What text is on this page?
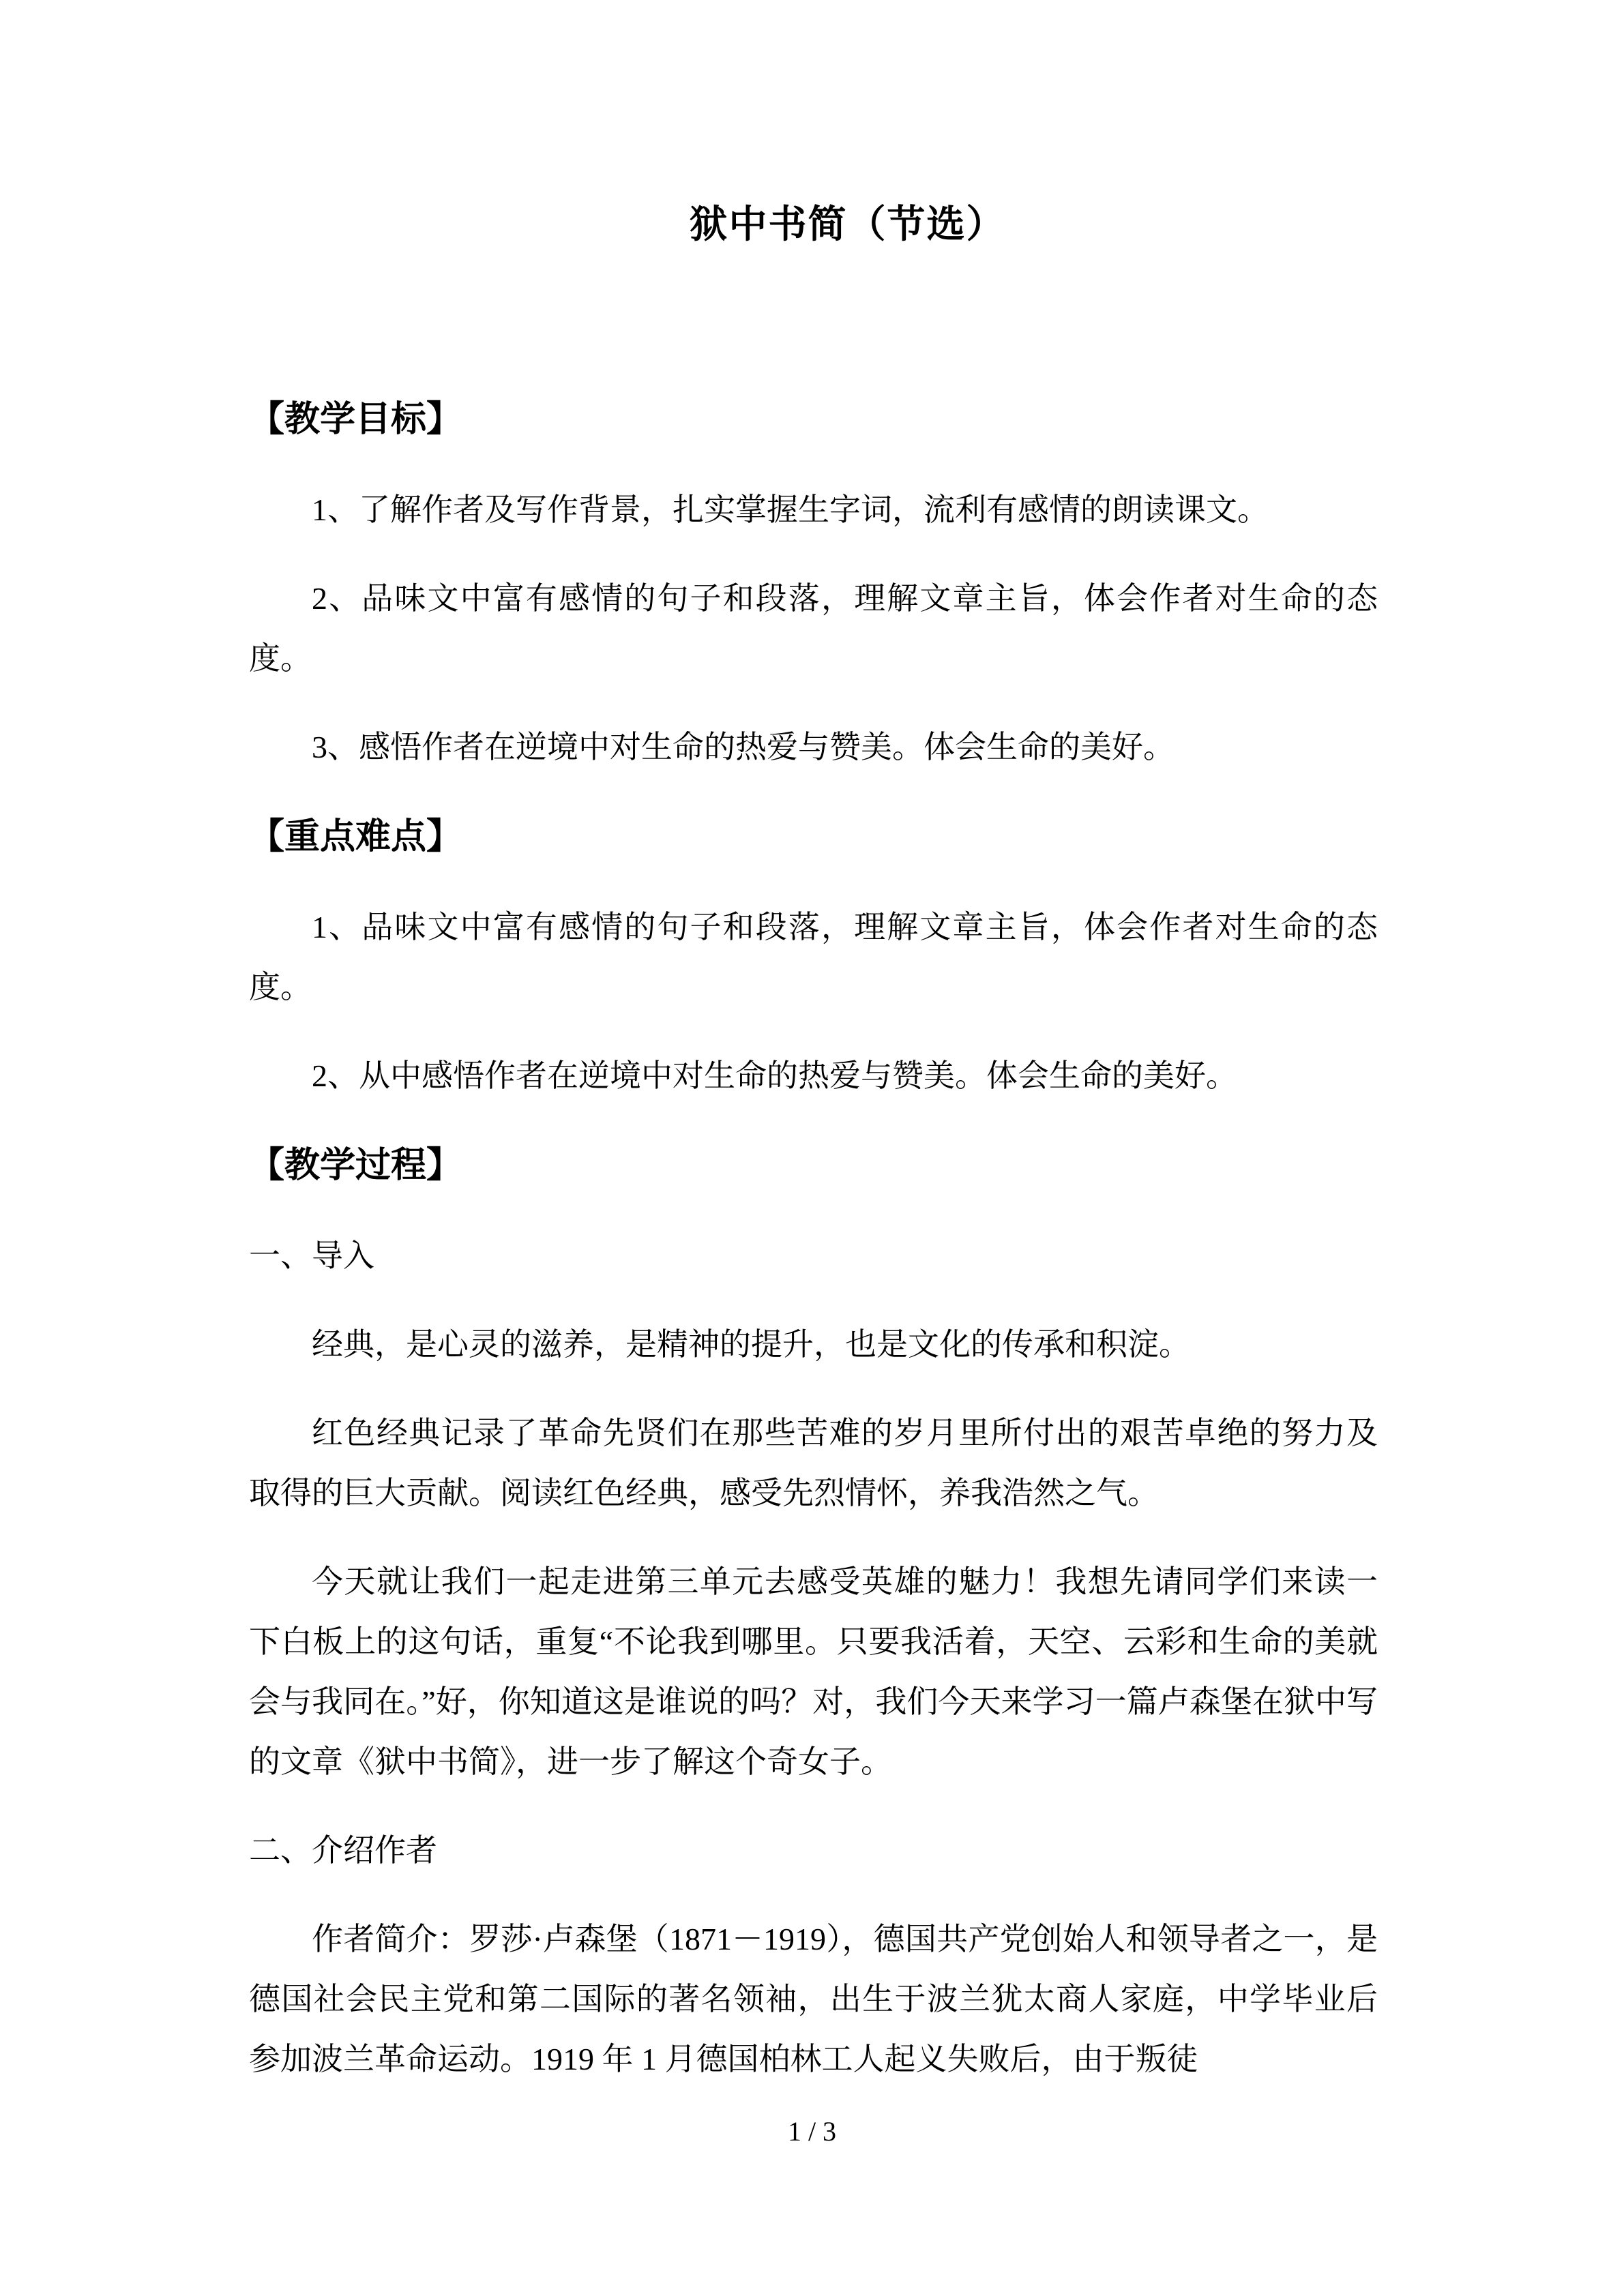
狱中书简（节选）
【教学目标】

1、了解作者及写作背景，扎实掌握生字词，流利有感情的朗读课文。

2、品味文中富有感情的句子和段落，理解文章主旨，体会作者对生命的态度。

3、感悟作者在逆境中对生命的热爱与赞美。体会生命的美好。

【重点难点】

1、品味文中富有感情的句子和段落，理解文章主旨，体会作者对生命的态度。

2、从中感悟作者在逆境中对生命的热爱与赞美。体会生命的美好。

【教学过程】

一、导入

经典，是心灵的滋养，是精神的提升，也是文化的传承和积淀。

红色经典记录了革命先贤们在那些苦难的岁月里所付出的艰苦卓绝的努力及取得的巨大贡献。阅读红色经典，感受先烈情怀，养我浩然之气。

今天就让我们一起走进第三单元去感受英雄的魅力！我想先请同学们来读一下白板上的这句话，重复“不论我到哪里。只要我活着，天空、云彩和生命的美就会与我同在。”好，你知道这是谁说的吗？对，我们今天来学习一篇卢森堡在狱中写的文章《狱中书简》，进一步了解这个奇女子。

二、介绍作者

作者简介：罗莎·卢森堡（1871－1919），德国共产党创始人和领导者之一，是德国社会民主党和第二国际的著名领袖，出生于波兰犹太商人家庭，中学毕业后参加波兰革命运动。1919 年 1 月德国柏林工人起义失败后，由于叛徒

1 / 3
